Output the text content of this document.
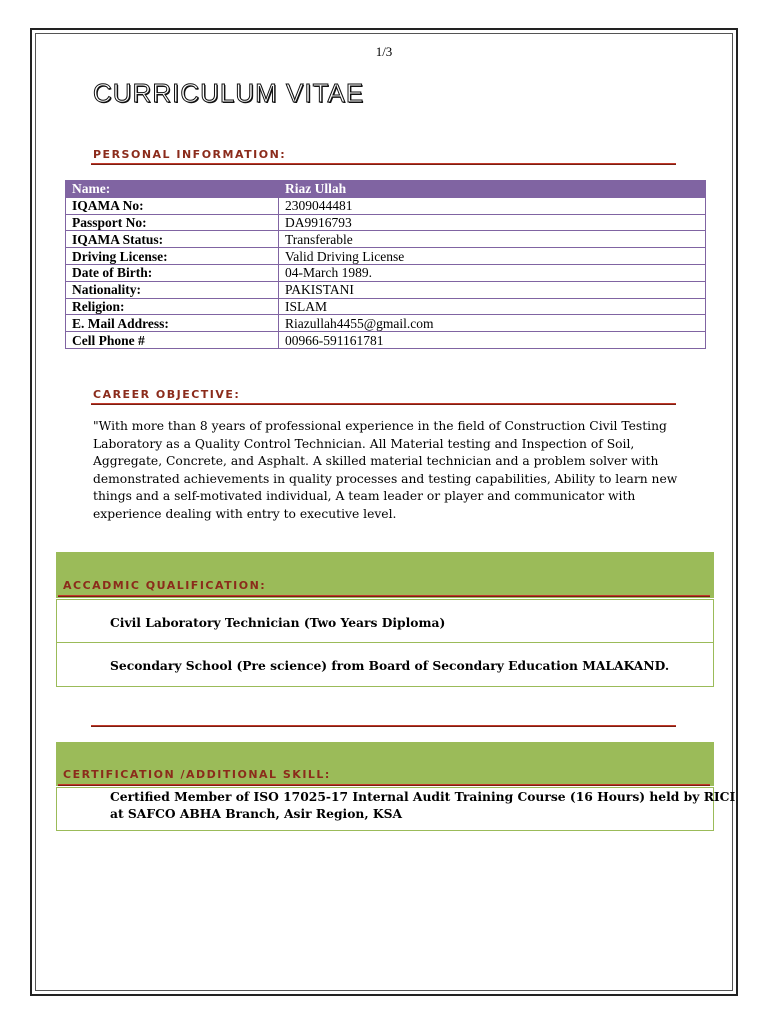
1/3
CURRICULUM VITAE
PERSONAL INFORMATION:
Name:	Riaz Ullah
IQAMA No:	2309044481
Passport No:	DA9916793
IQAMA Status:	Transferable
Driving License:	Valid Driving License
Date of Birth:	04-March 1989.
Nationality:	PAKISTANI
Religion:	ISLAM
E. Mail Address:	Riazullah4455@gmail.com
Cell Phone #	00966-591161781
CAREER OBJECTIVE:
"With more than 8 years of professional experience in the field of Construction Civil Testing Laboratory as a Quality Control Technician. All Material testing and Inspection of Soil, Aggregate, Concrete, and Asphalt. A skilled material technician and a problem solver with demonstrated achievements in quality processes and testing capabilities, Ability to learn new things and a self-motivated individual, A team leader or player and communicator with experience dealing with entry to executive level.
ACCADMIC QUALIFICATION:
Civil Laboratory Technician (Two Years Diploma)
Secondary School (Pre science) from Board of Secondary Education MALAKAND.
CERTIFICATION /ADDITIONAL SKILL:
Certified Member of ISO 17025-17 Internal Audit Training Course (16 Hours) held by RICI
at SAFCO ABHA Branch, Asir Region, KSA
